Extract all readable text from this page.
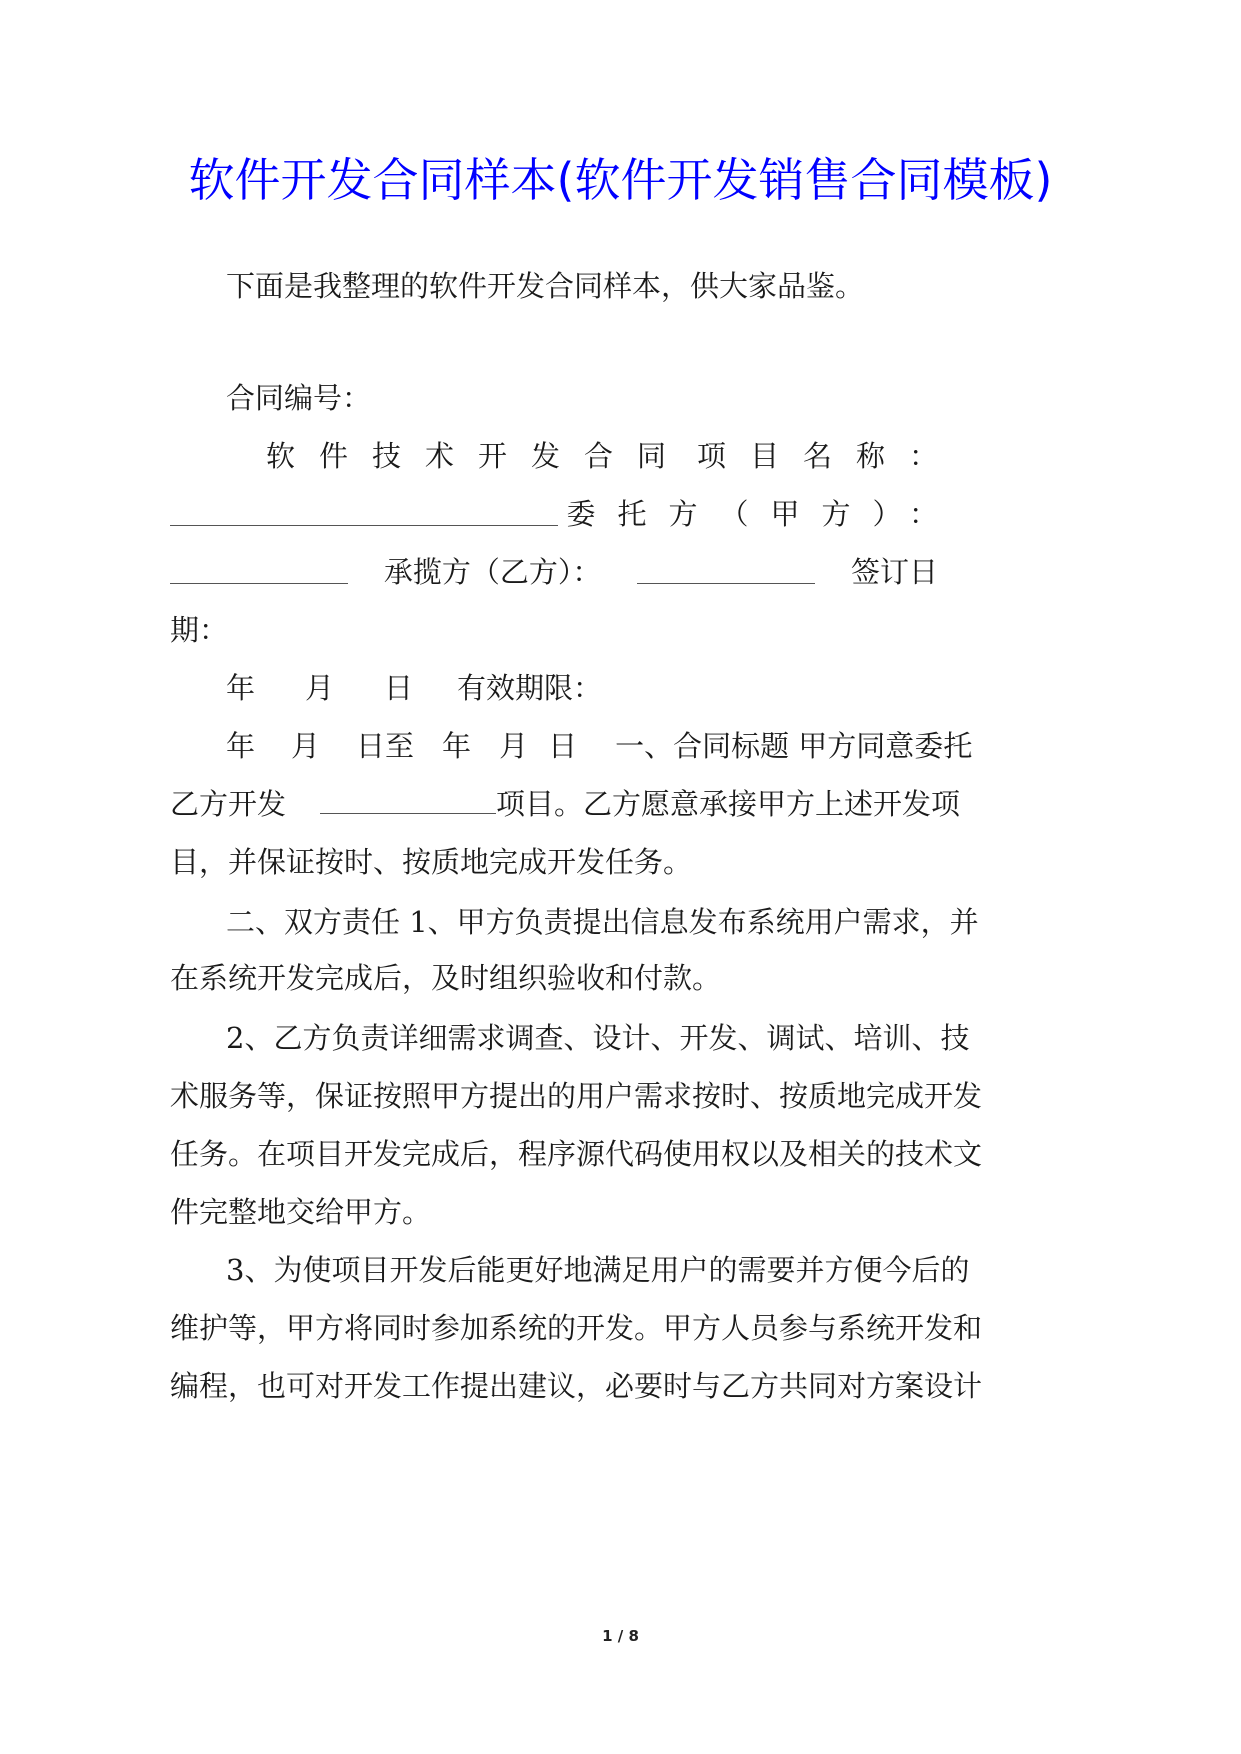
软件开发合同样本(软件开发销售合同模板)

下面是我整理的软件开发合同样本，供大家品鉴。

合同编号：

软件技术开发合同 项目名称：
委托方（甲方）：
承揽方（乙方）：	签订日

期：

年 月 日 有效期限：
年 月 日至 年 月 日 一、合同标题 甲方同意委托
乙方开发	项目。乙方愿意承接甲方上述开发项

目，并保证按时、按质地完成开发任务。

二、双方责任 1、甲方负责提出信息发布系统用户需求，并

在系统开发完成后，及时组织验收和付款。

2、乙方负责详细需求调查、设计、开发、调试、培训、技

术服务等，保证按照甲方提出的用户需求按时、按质地完成开发

任务。在项目开发完成后，程序源代码使用权以及相关的技术文

件完整地交给甲方。

3、为使项目开发后能更好地满足用户的需要并方便今后的

维护等，甲方将同时参加系统的开发。甲方人员参与系统开发和

编程，也可对开发工作提出建议，必要时与乙方共同对方案设计

1 / 8
